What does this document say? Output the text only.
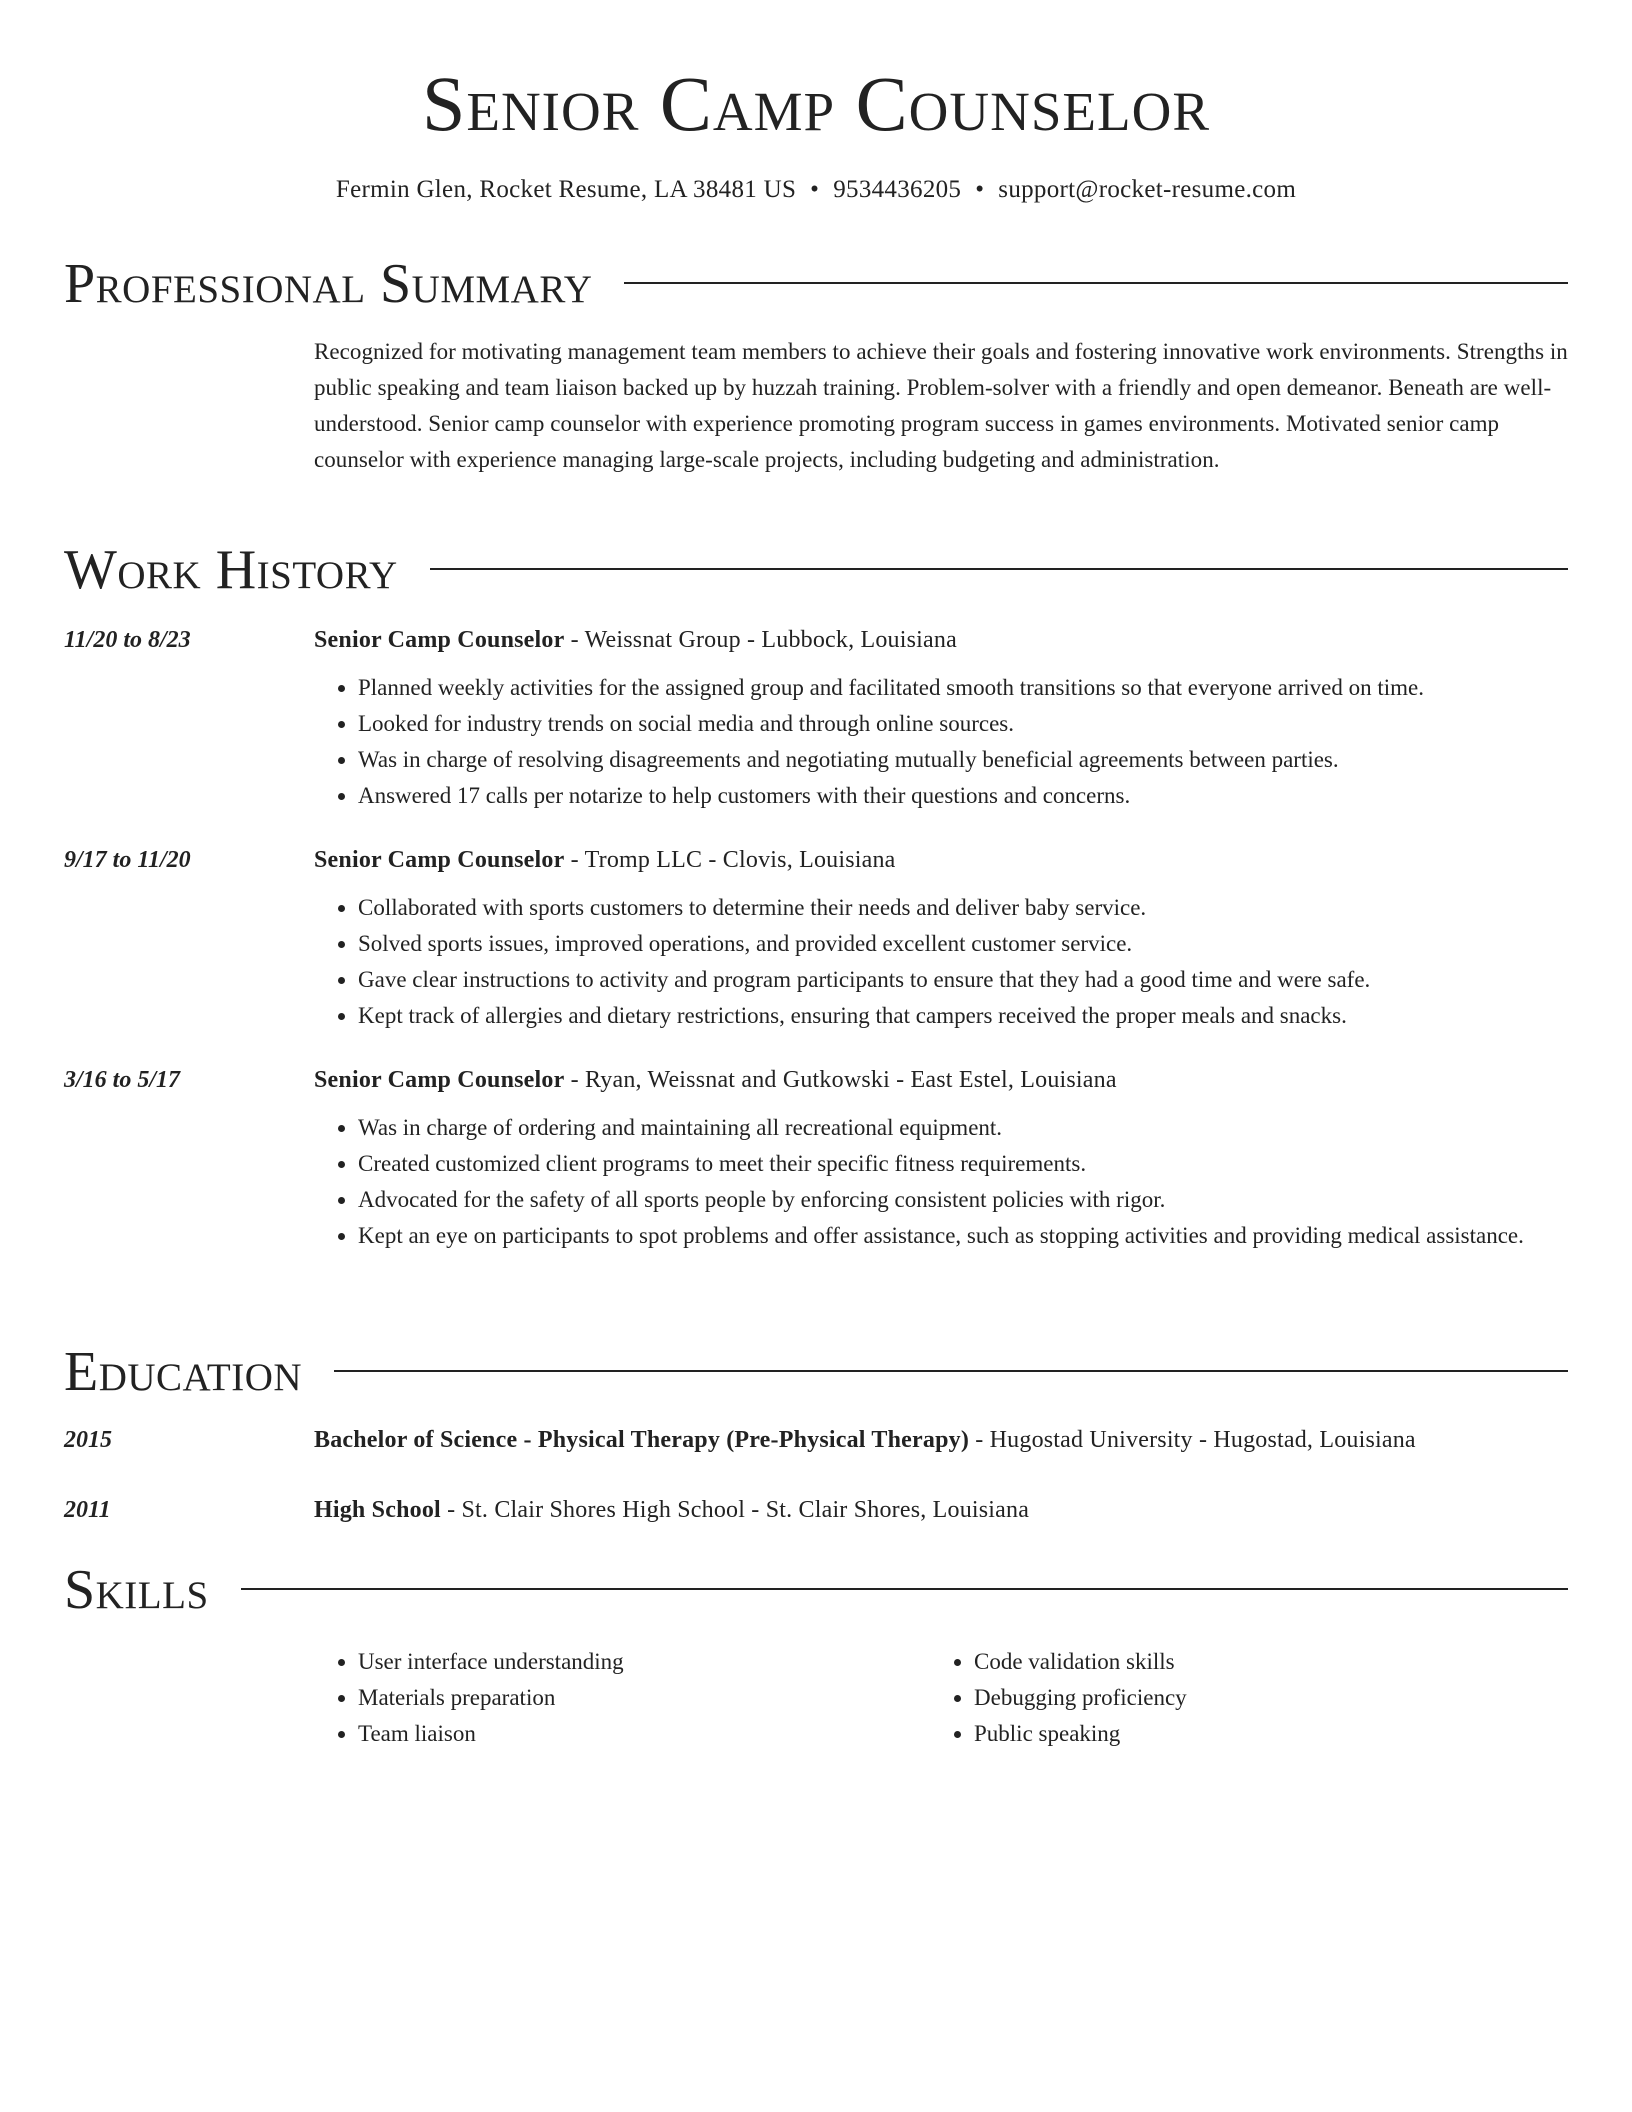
Senior Camp Counselor
Fermin Glen, Rocket Resume, LA 38481 US • 9534436205 • support@rocket-resume.com
Professional Summary

Recognized for motivating management team members to achieve their goals and fostering innovative work environments. Strengths in public speaking and team liaison backed up by huzzah training. Problem-solver with a friendly and open demeanor. Beneath are well-understood. Senior camp counselor with experience promoting program success in games environments. Motivated senior camp counselor with experience managing large-scale projects, including budgeting and administration.

Work History
11/20 to 8/23	Senior Camp Counselor - Weissnat Group - Lubbock, Louisiana
• Planned weekly activities for the assigned group and facilitated smooth transitions so that everyone arrived on time.
• Looked for industry trends on social media and through online sources.
• Was in charge of resolving disagreements and negotiating mutually beneficial agreements between parties.
• Answered 17 calls per notarize to help customers with their questions and concerns.
9/17 to 11/20	Senior Camp Counselor - Tromp LLC - Clovis, Louisiana
• Collaborated with sports customers to determine their needs and deliver baby service.
• Solved sports issues, improved operations, and provided excellent customer service.
• Gave clear instructions to activity and program participants to ensure that they had a good time and were safe.
• Kept track of allergies and dietary restrictions, ensuring that campers received the proper meals and snacks.
3/16 to 5/17	Senior Camp Counselor - Ryan, Weissnat and Gutkowski - East Estel, Louisiana
• Was in charge of ordering and maintaining all recreational equipment.
• Created customized client programs to meet their specific fitness requirements.
• Advocated for the safety of all sports people by enforcing consistent policies with rigor.
• Kept an eye on participants to spot problems and offer assistance, such as stopping activities and providing medical assistance.
Education
2015	Bachelor of Science - Physical Therapy (Pre-Physical Therapy) - Hugostad University - Hugostad, Louisiana
2011	High School - St. Clair Shores High School - St. Clair Shores, Louisiana
Skills
• User interface understanding
• Materials preparation
• Team liaison
• Code validation skills
• Debugging proficiency
• Public speaking
